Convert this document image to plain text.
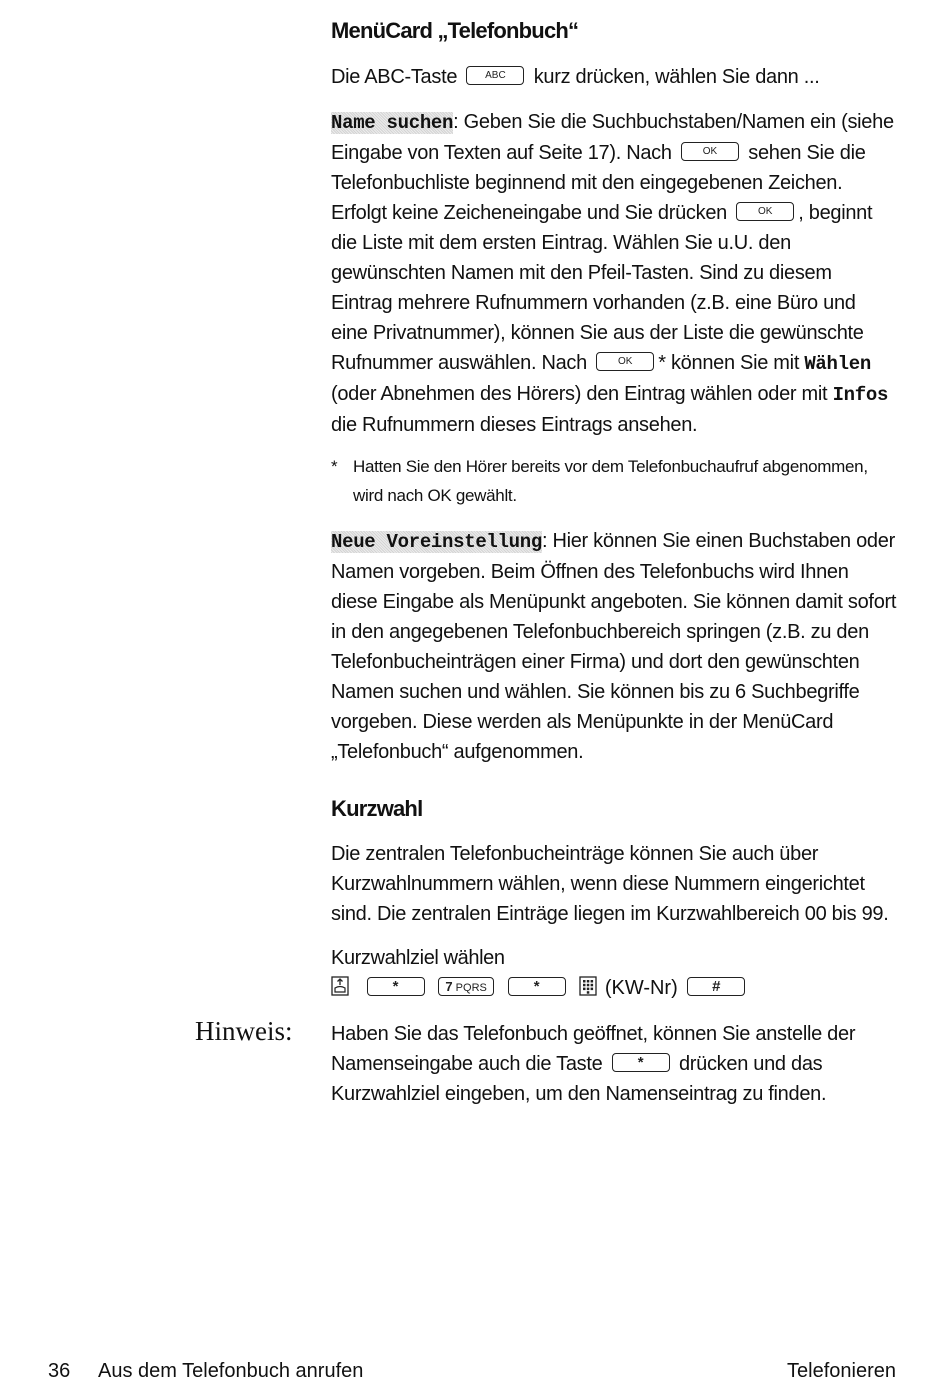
MenüCard „Telefonbuch“

Die ABC-Taste	ABC kurz drücken, wählen Sie dann ...

Name suchen: Geben Sie die Suchbuchstaben/Namen ein (siehe Eingabe von Texten auf Seite 17). Nach	OK sehen Sie die Telefonbuchliste beginnend mit den eingegebenen Zeichen. Erfolgt keine Zeicheneingabe und Sie drücken	OK , beginnt die Liste mit dem ersten Eintrag. Wählen Sie u.U. den gewünschten Namen mit den Pfeil-Tasten. Sind zu diesem Eintrag mehrere Rufnummern vorhanden (z.B. eine Büro und eine Privatnummer), können Sie aus der Liste die gewünschte Rufnummer auswählen. Nach	OK * können Sie mit Wählen (oder Abnehmen des Hörers) den Eintrag wählen oder mit Infos die Rufnummern dieses Eintrags ansehen.

* Hatten Sie den Hörer bereits vor dem Telefonbuchaufruf abgenommen, wird nach OK gewählt.

Neue Voreinstellung: Hier können Sie einen Buchstaben oder Namen vorgeben. Beim Öffnen des Telefonbuchs wird Ihnen diese Eingabe als Menüpunkt angeboten. Sie können damit sofort in den angegebenen Telefonbuchbereich springen (z.B. zu den Telefonbucheinträgen einer Firma) und dort den gewünschten Namen suchen und wählen. Sie können bis zu 6 Suchbegriffe vorgeben. Diese werden als Menüpunkte in der MenüCard „Telefonbuch“ aufgenommen.

Kurzwahl

Die zentralen Telefonbucheinträge können Sie auch über Kurzwahlnummern wählen, wenn diese Nummern eingerichtet sind. Die zentralen Einträge liegen im Kurzwahlbereich 00 bis 99.

Kurzwahlziel wählen

*	7 PQRS	*	(KW-Nr) #
Hinweis: Haben Sie das Telefonbuch geöffnet, können Sie anstelle der Namenseingabe auch die Taste * drücken und das Kurzwahlziel eingeben, um den Namenseintrag zu finden.

36 Aus dem Telefonbuch anrufen	Telefonieren
